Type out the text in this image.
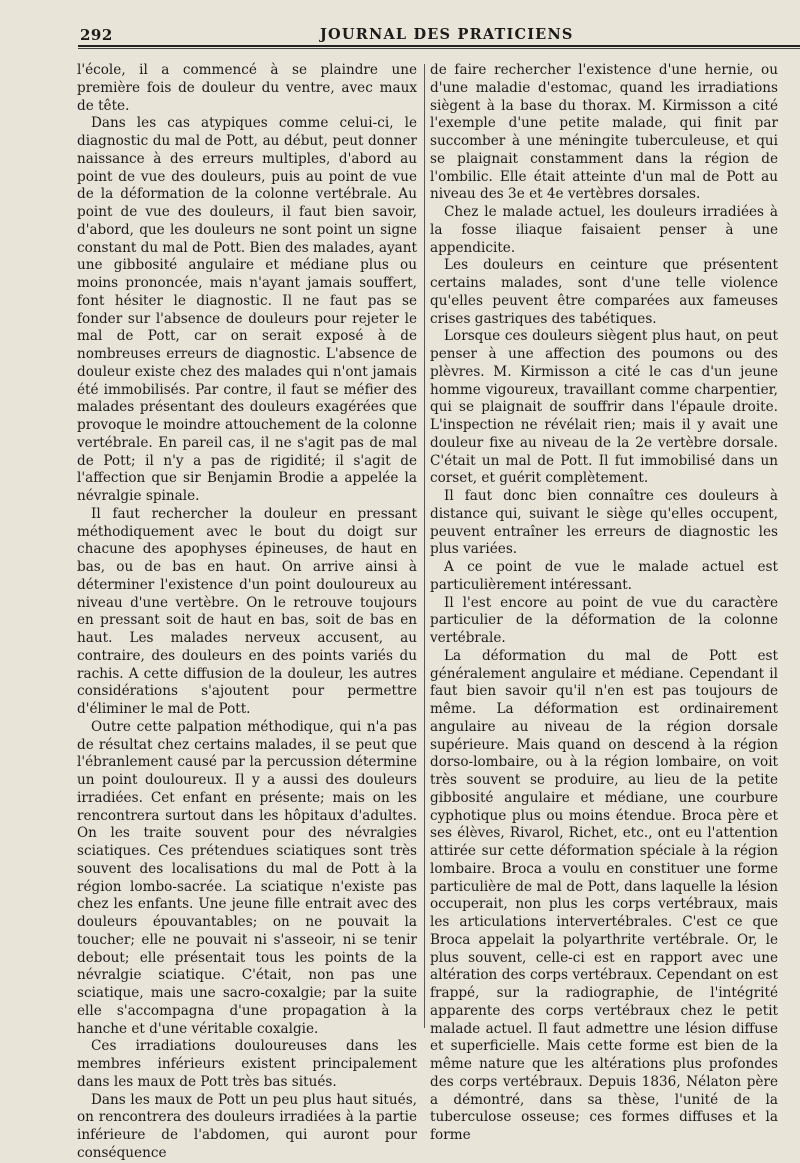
292	JOURNAL DES PRATICIENS

l'école, il a commencé à se plaindre une première fois de douleur du ventre, avec maux de tête.

Dans les cas atypiques comme celui-ci, le diagnostic du mal de Pott, au début, peut donner naissance à des erreurs multiples, d'abord au point de vue des douleurs, puis au point de vue de la déformation de la colonne vertébrale. Au point de vue des douleurs, il faut bien savoir, d'abord, que les douleurs ne sont point un signe constant du mal de Pott. Bien des malades, ayant une gibbosité angulaire et médiane plus ou moins prononcée, mais n'ayant jamais souffert, font hésiter le diagnostic. Il ne faut pas se fonder sur l'absence de douleurs pour rejeter le mal de Pott, car on serait exposé à de nombreuses erreurs de diagnostic. L'absence de douleur existe chez des malades qui n'ont jamais été immobilisés. Par contre, il faut se méfier des malades présentant des douleurs exagérées que provoque le moindre attouchement de la colonne vertébrale. En pareil cas, il ne s'agit pas de mal de Pott; il n'y a pas de rigidité; il s'agit de l'affection que sir Benjamin Brodie a appelée la névralgie spinale.

Il faut rechercher la douleur en pressant méthodiquement avec le bout du doigt sur chacune des apophyses épineuses, de haut en bas, ou de bas en haut. On arrive ainsi à déterminer l'existence d'un point douloureux au niveau d'une vertèbre. On le retrouve toujours en pressant soit de haut en bas, soit de bas en haut. Les malades nerveux accusent, au contraire, des douleurs en des points variés du rachis. A cette diffusion de la douleur, les autres considérations s'ajoutent pour permettre d'éliminer le mal de Pott.

Outre cette palpation méthodique, qui n'a pas de résultat chez certains malades, il se peut que l'ébranlement causé par la percussion détermine un point douloureux. Il y a aussi des douleurs irradiées. Cet enfant en présente; mais on les rencontrera surtout dans les hôpitaux d'adultes. On les traite souvent pour des névralgies sciatiques. Ces prétendues sciatiques sont très souvent des localisations du mal de Pott à la région lombo-sacrée. La sciatique n'existe pas chez les enfants. Une jeune fille entrait avec des douleurs épouvantables; on ne pouvait la toucher; elle ne pouvait ni s'asseoir, ni se tenir debout; elle présentait tous les points de la névralgie sciatique. C'était, non pas une sciatique, mais une sacro-coxalgie; par la suite elle s'accompagna d'une propagation à la hanche et d'une véritable coxalgie.

Ces irradiations douloureuses dans les membres inférieurs existent principalement dans les maux de Pott très bas situés.

Dans les maux de Pott un peu plus haut situés, on rencontrera des douleurs irradiées à la partie inférieure de l'abdomen, qui auront pour conséquence

de faire rechercher l'existence d'une hernie, ou d'une maladie d'estomac, quand les irradiations siègent à la base du thorax. M. Kirmisson a cité l'exemple d'une petite malade, qui finit par succomber à une méningite tuberculeuse, et qui se plaignait constamment dans la région de l'ombilic. Elle était atteinte d'un mal de Pott au niveau des 3e et 4e vertèbres dorsales.

Chez le malade actuel, les douleurs irradiées à la fosse iliaque faisaient penser à une appendicite.

Les douleurs en ceinture que présentent certains malades, sont d'une telle violence qu'elles peuvent être comparées aux fameuses crises gastriques des tabétiques.

Lorsque ces douleurs siègent plus haut, on peut penser à une affection des poumons ou des plèvres. M. Kirmisson a cité le cas d'un jeune homme vigoureux, travaillant comme charpentier, qui se plaignait de souffrir dans l'épaule droite. L'inspection ne révélait rien; mais il y avait une douleur fixe au niveau de la 2e vertèbre dorsale. C'était un mal de Pott. Il fut immobilisé dans un corset, et guérit complètement.

Il faut donc bien connaître ces douleurs à distance qui, suivant le siège qu'elles occupent, peuvent entraîner les erreurs de diagnostic les plus variées.

A ce point de vue le malade actuel est particulièrement intéressant.

Il l'est encore au point de vue du caractère particulier de la déformation de la colonne vertébrale.

La déformation du mal de Pott est généralement angulaire et médiane. Cependant il faut bien savoir qu'il n'en est pas toujours de même. La déformation est ordinairement angulaire au niveau de la région dorsale supérieure. Mais quand on descend à la région dorso-lombaire, ou à la région lombaire, on voit très souvent se produire, au lieu de la petite gibbosité angulaire et médiane, une courbure cyphotique plus ou moins étendue. Broca père et ses élèves, Rivarol, Richet, etc., ont eu l'attention attirée sur cette déformation spéciale à la région lombaire. Broca a voulu en constituer une forme particulière de mal de Pott, dans laquelle la lésion occuperait, non plus les corps vertébraux, mais les articulations intervertébrales. C'est ce que Broca appelait la polyarthrite vertébrale. Or, le plus souvent, celle-ci est en rapport avec une altération des corps vertébraux. Cependant on est frappé, sur la radiographie, de l'intégrité apparente des corps vertébraux chez le petit malade actuel. Il faut admettre une lésion diffuse et superficielle. Mais cette forme est bien de la même nature que les altérations plus profondes des corps vertébraux. Depuis 1836, Nélaton père a démontré, dans sa thèse, l'unité de la tuberculose osseuse; ces formes diffuses et la forme
